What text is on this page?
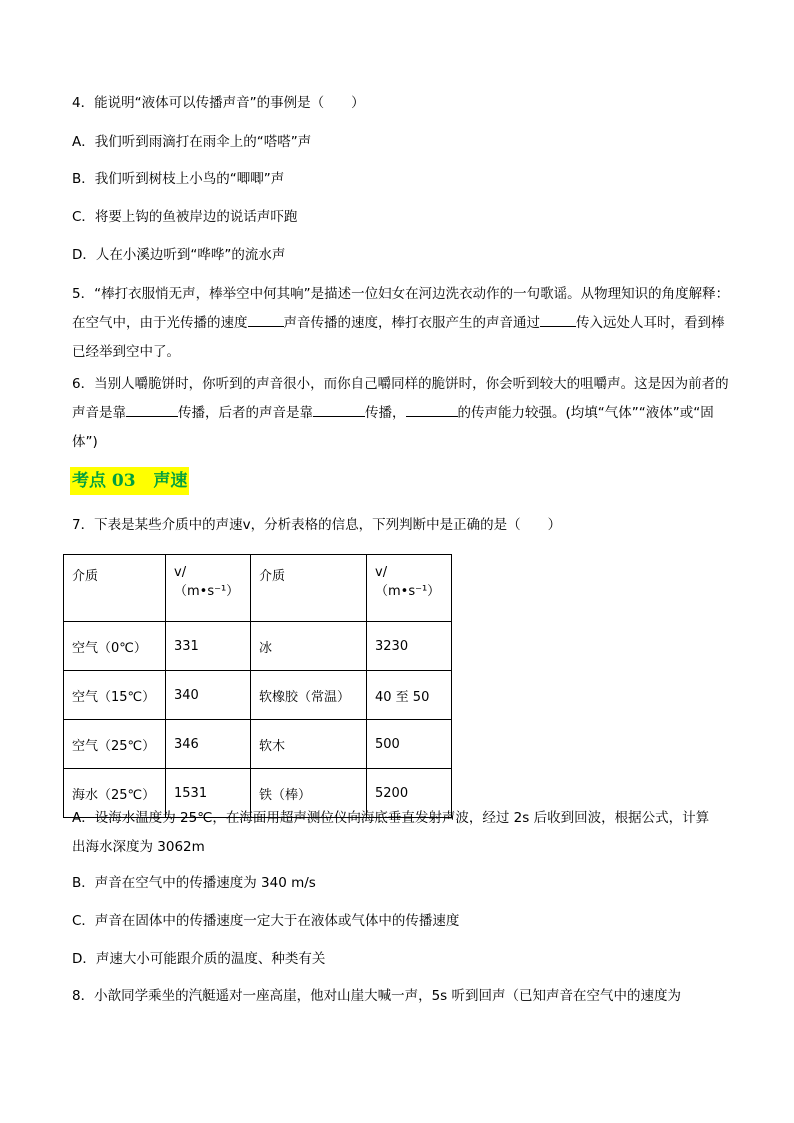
4．能说明“液体可以传播声音”的事例是（　　）
A．我们听到雨滴打在雨伞上的“嗒嗒”声
B．我们听到树枝上小鸟的“唧唧”声
C．将要上钩的鱼被岸边的说话声吓跑
D．人在小溪边听到“哗哗”的流水声
5．“棒打衣服悄无声，棒举空中何其响”是描述一位妇女在河边洗衣动作的一句歌谣。从物理知识的角度解释：在空气中，由于光传播的速度	声音传播的速度，棒打衣服产生的声音通过	传入远处人耳时，看到棒已经举到空中了。
6．当别人嚼脆饼时，你听到的声音很小，而你自己嚼同样的脆饼时，你会听到较大的咀嚼声。这是因为前者的声音是靠	传播，后者的声音是靠	传播，	的传声能力较强。(均填“气体”“液体”或“固体”)
考点 03 声速
7．下表是某些介质中的声速v，分析表格的信息，下列判断中是正确的是（　　）
介质	v/（m•s⁻¹）	介质	v/（m•s⁻¹）
空气（0℃）	331	冰	3230
空气（15℃）	340	软橡胶（常温）	40 至 50
空气（25℃）	346	软木	500
海水（25℃）	1531	铁（棒）	5200
A．设海水温度为 25℃，在海面用超声测位仪向海底垂直发射声波，经过 2s 后收到回波，根据公式，计算
出海水深度为 3062m
B．声音在空气中的传播速度为 340 m/s
C．声音在固体中的传播速度一定大于在液体或气体中的传播速度
D．声速大小可能跟介质的温度、种类有关
8．小歆同学乘坐的汽艇遥对一座高崖，他对山崖大喊一声，5s 听到回声（已知声音在空气中的速度为
